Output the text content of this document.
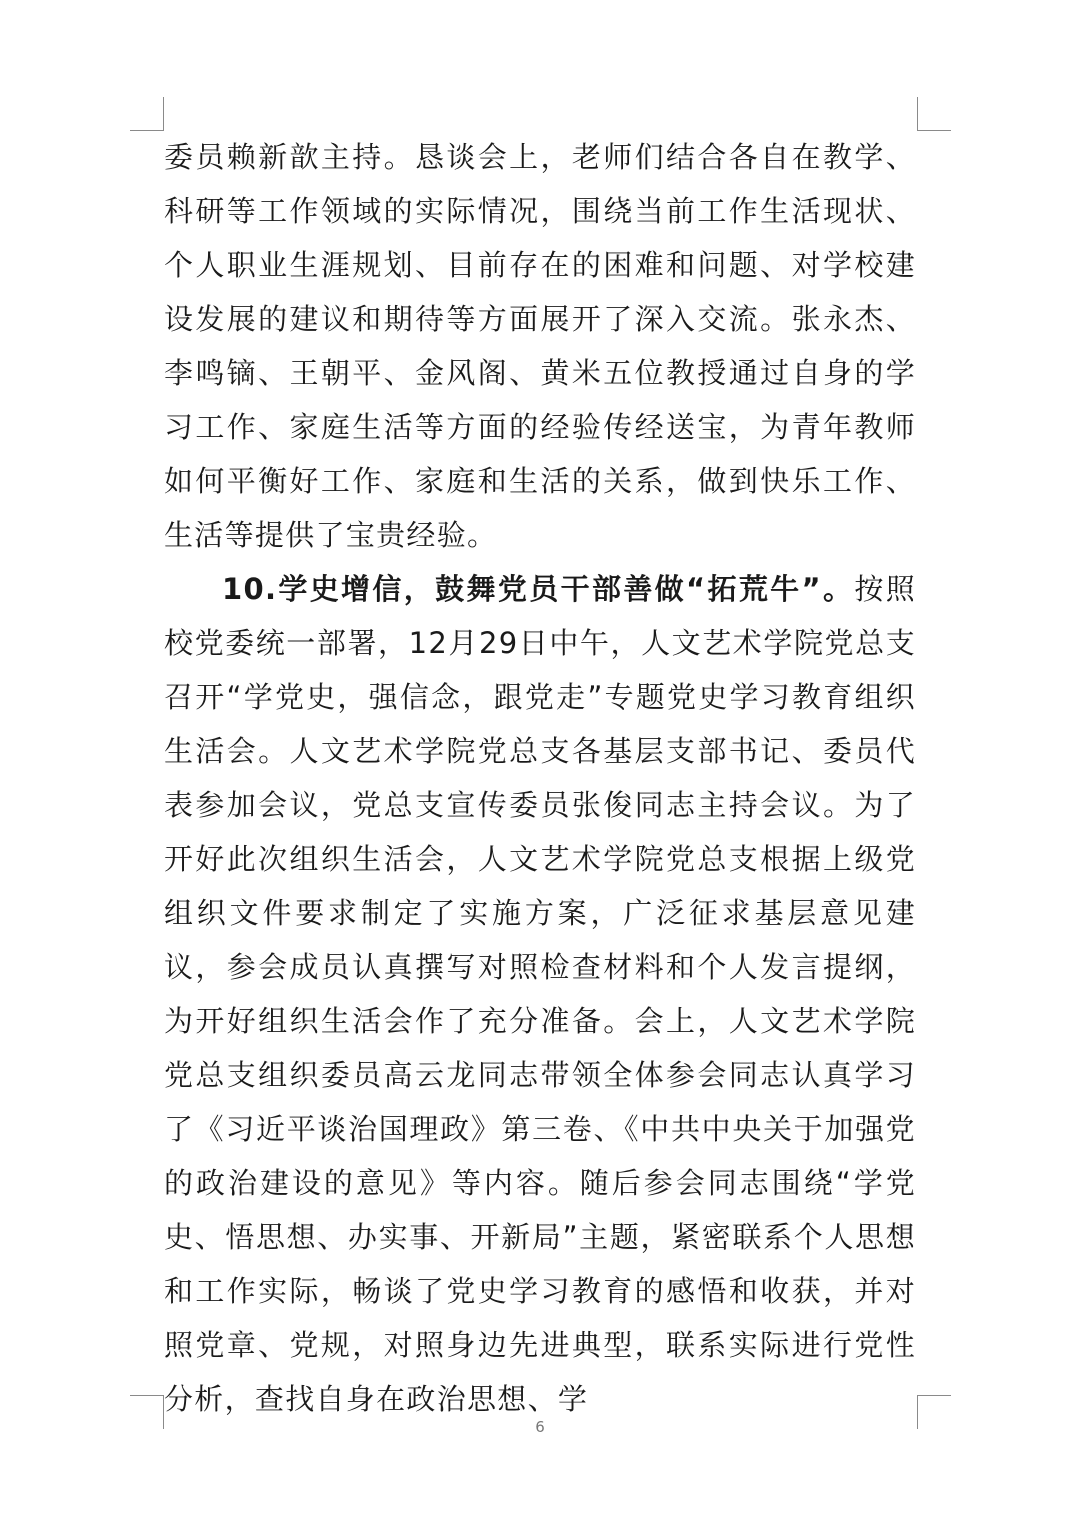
委员赖新歆主持。恳谈会上，老师们结合各自在教学、科研等工作领域的实际情况，围绕当前工作生活现状、个人职业生涯规划、目前存在的困难和问题、对学校建设发展的建议和期待等方面展开了深入交流。张永杰、李鸣镝、王朝平、金风阁、黄米五位教授通过自身的学习工作、家庭生活等方面的经验传经送宝，为青年教师如何平衡好工作、家庭和生活的关系，做到快乐工作、生活等提供了宝贵经验。

10.学史增信，鼓舞党员干部善做“拓荒牛”。按照校党委统一部署，12月29日中午，人文艺术学院党总支召开“学党史，强信念，跟党走”专题党史学习教育组织生活会。人文艺术学院党总支各基层支部书记、委员代表参加会议，党总支宣传委员张俊同志主持会议。为了开好此次组织生活会，人文艺术学院党总支根据上级党组织文件要求制定了实施方案，广泛征求基层意见建议，参会成员认真撰写对照检查材料和个人发言提纲，为开好组织生活会作了充分准备。会上，人文艺术学院党总支组织委员高云龙同志带领全体参会同志认真学习了《习近平谈治国理政》第三卷、《中共中央关于加强党的政治建设的意见》等内容。随后参会同志围绕“学党史、悟思想、办实事、开新局”主题，紧密联系个人思想和工作实际，畅谈了党史学习教育的感悟和收获，并对照党章、党规，对照身边先进典型，联系实际进行党性分析，查找自身在政治思想、学

6
